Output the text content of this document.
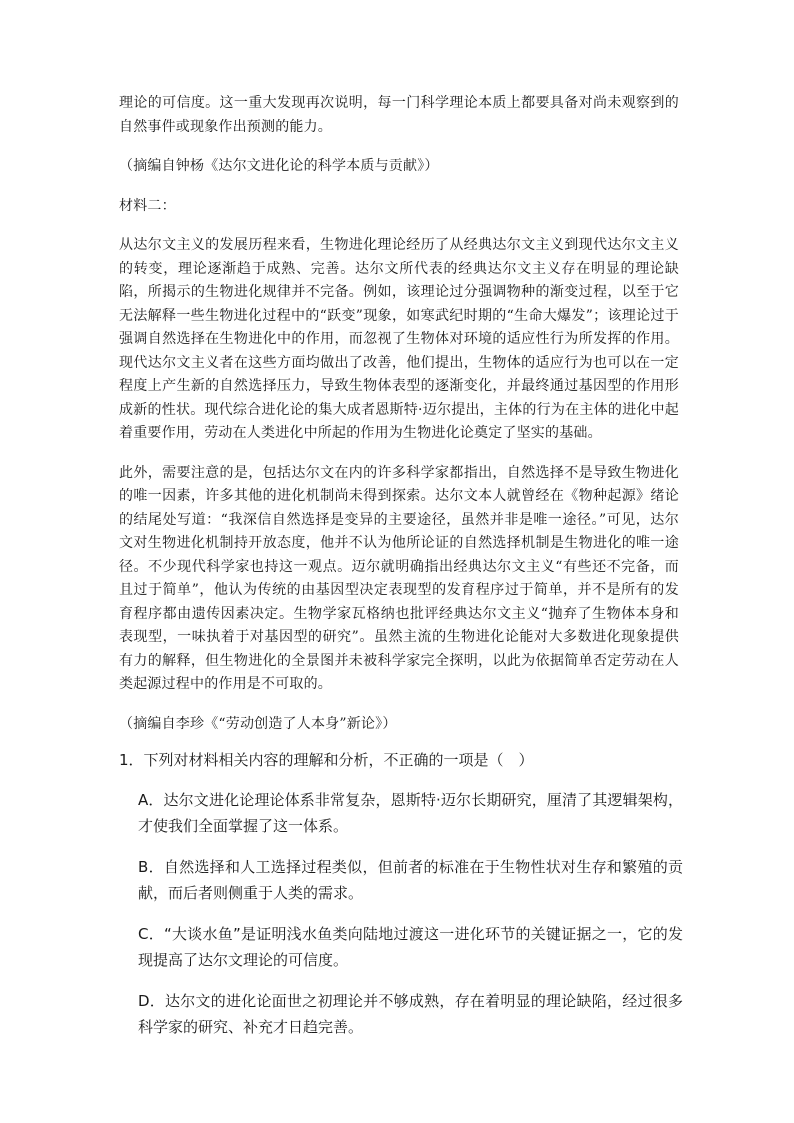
理论的可信度。这一重大发现再次说明，每一门科学理论本质上都要具备对尚未观察到的自然事件或现象作出预测的能力。

（摘编自钟杨《达尔文进化论的科学本质与贡献》）

材料二：

从达尔文主义的发展历程来看，生物进化理论经历了从经典达尔文主义到现代达尔文主义的转变，理论逐渐趋于成熟、完善。达尔文所代表的经典达尔文主义存在明显的理论缺陷，所揭示的生物进化规律并不完备。例如，该理论过分强调物种的渐变过程，以至于它无法解释一些生物进化过程中的“跃变”现象，如寒武纪时期的“生命大爆发”；该理论过于强调自然选择在生物进化中的作用，而忽视了生物体对环境的适应性行为所发挥的作用。现代达尔文主义者在这些方面均做出了改善，他们提出，生物体的适应行为也可以在一定程度上产生新的自然选择压力，导致生物体表型的逐渐变化，并最终通过基因型的作用形成新的性状。现代综合进化论的集大成者恩斯特·迈尔提出，主体的行为在主体的进化中起着重要作用，劳动在人类进化中所起的作用为生物进化论奠定了坚实的基础。

此外，需要注意的是，包括达尔文在内的许多科学家都指出，自然选择不是导致生物进化的唯一因素，许多其他的进化机制尚未得到探索。达尔文本人就曾经在《物种起源》绪论的结尾处写道：“我深信自然选择是变异的主要途径，虽然并非是唯一途径。”可见，达尔文对生物进化机制持开放态度，他并不认为他所论证的自然选择机制是生物进化的唯一途径。不少现代科学家也持这一观点。迈尔就明确指出经典达尔文主义“有些还不完备，而且过于简单”，他认为传统的由基因型决定表现型的发育程序过于简单，并不是所有的发育程序都由遗传因素决定。生物学家瓦格纳也批评经典达尔文主义“抛弃了生物体本身和表现型，一味执着于对基因型的研究”。虽然主流的生物进化论能对大多数进化现象提供有力的解释，但生物进化的全景图并未被科学家完全探明，以此为依据简单否定劳动在人类起源过程中的作用是不可取的。

（摘编自李珍《“劳动创造了人本身”新论》）

1．下列对材料相关内容的理解和分析，不正确的一项是（　）

A．达尔文进化论理论体系非常复杂，恩斯特·迈尔长期研究，厘清了其逻辑架构，才使我们全面掌握了这一体系。

B．自然选择和人工选择过程类似，但前者的标准在于生物性状对生存和繁殖的贡献，而后者则侧重于人类的需求。

C．“大谈水鱼”是证明浅水鱼类向陆地过渡这一进化环节的关键证据之一，它的发现提高了达尔文理论的可信度。

D．达尔文的进化论面世之初理论并不够成熟，存在着明显的理论缺陷，经过很多科学家的研究、补充才日趋完善。
